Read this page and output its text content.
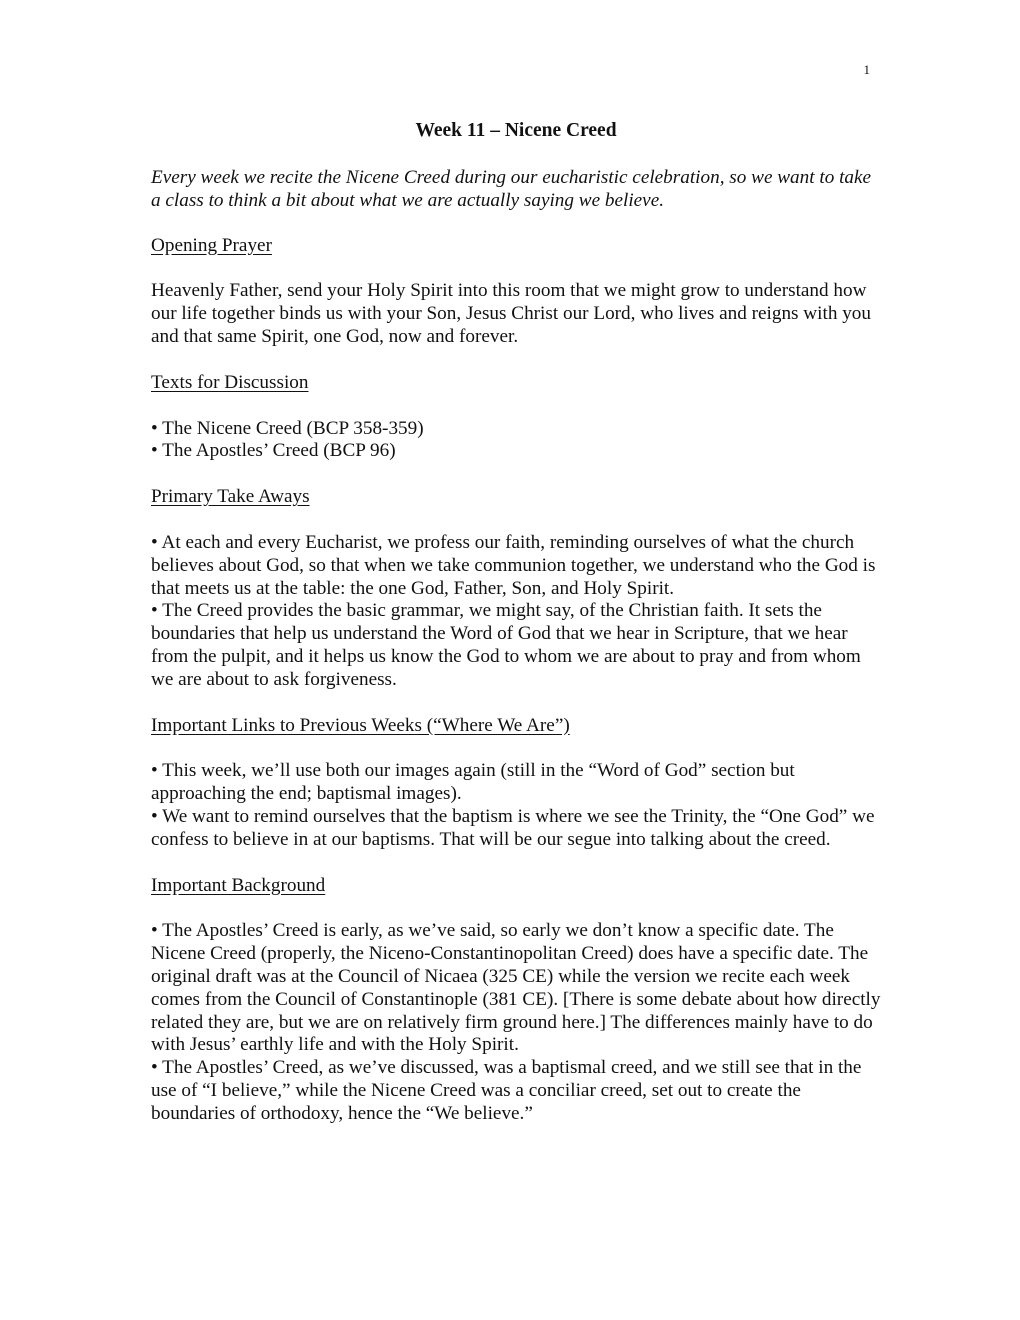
1
Week 11 – Nicene Creed
Every week we recite the Nicene Creed during our eucharistic celebration, so we want to take a class to think a bit about what we are actually saying we believe.
Opening Prayer
Heavenly Father, send your Holy Spirit into this room that we might grow to understand how our life together binds us with your Son, Jesus Christ our Lord, who lives and reigns with you and that same Spirit, one God, now and forever.
Texts for Discussion
• The Nicene Creed (BCP 358-359)
• The Apostles’ Creed (BCP 96)
Primary Take Aways
• At each and every Eucharist, we profess our faith, reminding ourselves of what the church believes about God, so that when we take communion together, we understand who the God is that meets us at the table: the one God, Father, Son, and Holy Spirit.
• The Creed provides the basic grammar, we might say, of the Christian faith. It sets the boundaries that help us understand the Word of God that we hear in Scripture, that we hear from the pulpit, and it helps us know the God to whom we are about to pray and from whom we are about to ask forgiveness.
Important Links to Previous Weeks (“Where We Are”)
• This week, we’ll use both our images again (still in the “Word of God” section but approaching the end; baptismal images).
• We want to remind ourselves that the baptism is where we see the Trinity, the “One God” we confess to believe in at our baptisms. That will be our segue into talking about the creed.
Important Background
• The Apostles’ Creed is early, as we’ve said, so early we don’t know a specific date. The Nicene Creed (properly, the Niceno-Constantinopolitan Creed) does have a specific date. The original draft was at the Council of Nicaea (325 CE) while the version we recite each week comes from the Council of Constantinople (381 CE). [There is some debate about how directly related they are, but we are on relatively firm ground here.] The differences mainly have to do with Jesus’ earthly life and with the Holy Spirit.
• The Apostles’ Creed, as we’ve discussed, was a baptismal creed, and we still see that in the use of “I believe,” while the Nicene Creed was a conciliar creed, set out to create the boundaries of orthodoxy, hence the “We believe.”
